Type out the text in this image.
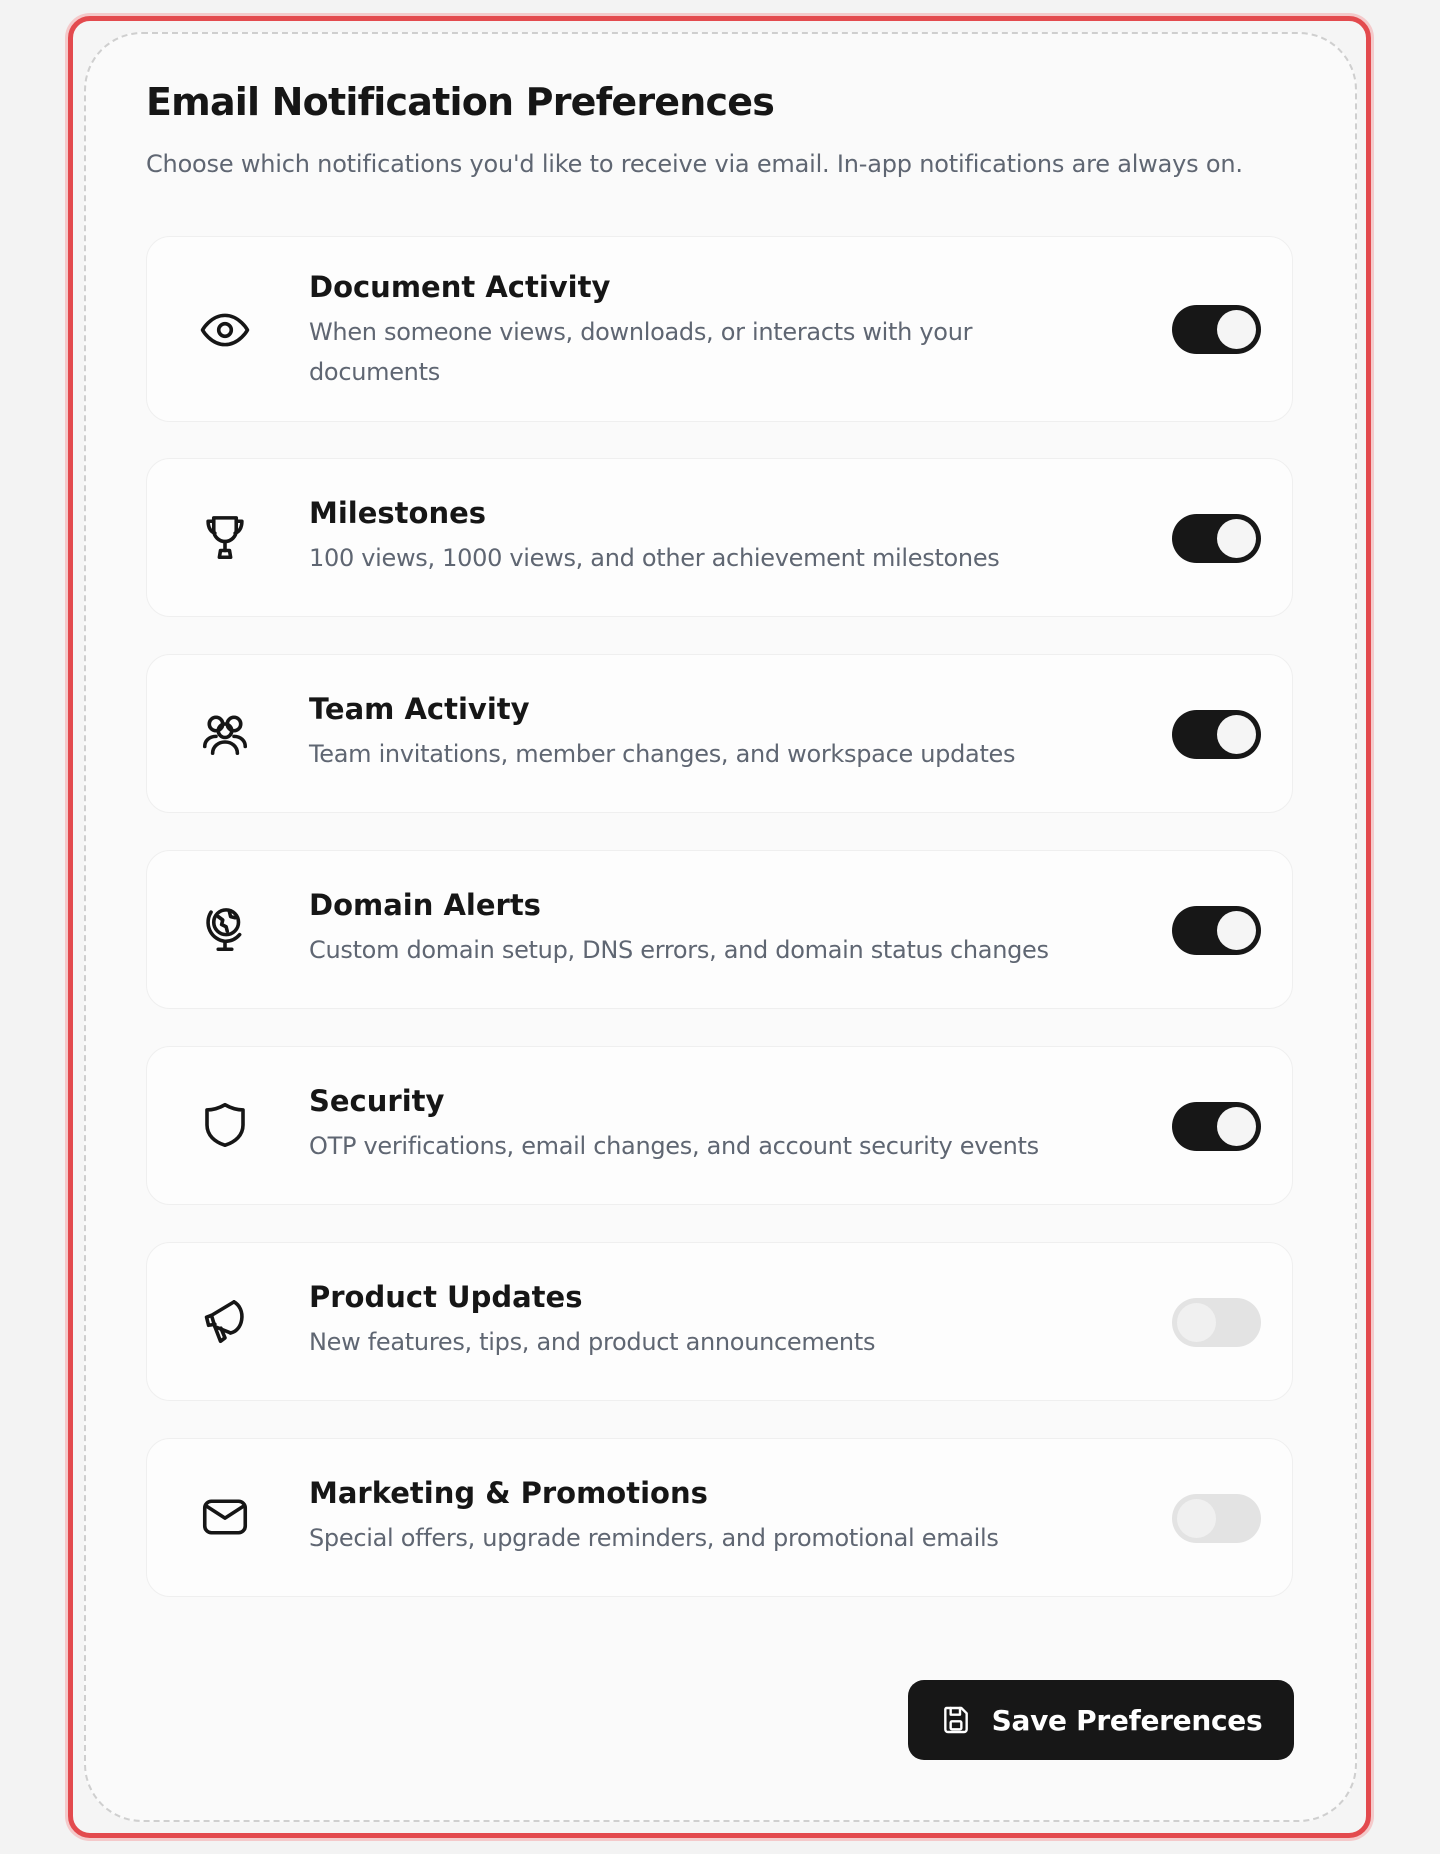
Email Notification Preferences

Choose which notifications you'd like to receive via email. In-app notifications are always on.

Document Activity
When someone views, downloads, or interacts with your documents
Milestones
100 views, 1000 views, and other achievement milestones
Team Activity
Team invitations, member changes, and workspace updates
Domain Alerts
Custom domain setup, DNS errors, and domain status changes
Security
OTP verifications, email changes, and account security events
Product Updates
New features, tips, and product announcements
Marketing & Promotions
Special offers, upgrade reminders, and promotional emails
Save Preferences
